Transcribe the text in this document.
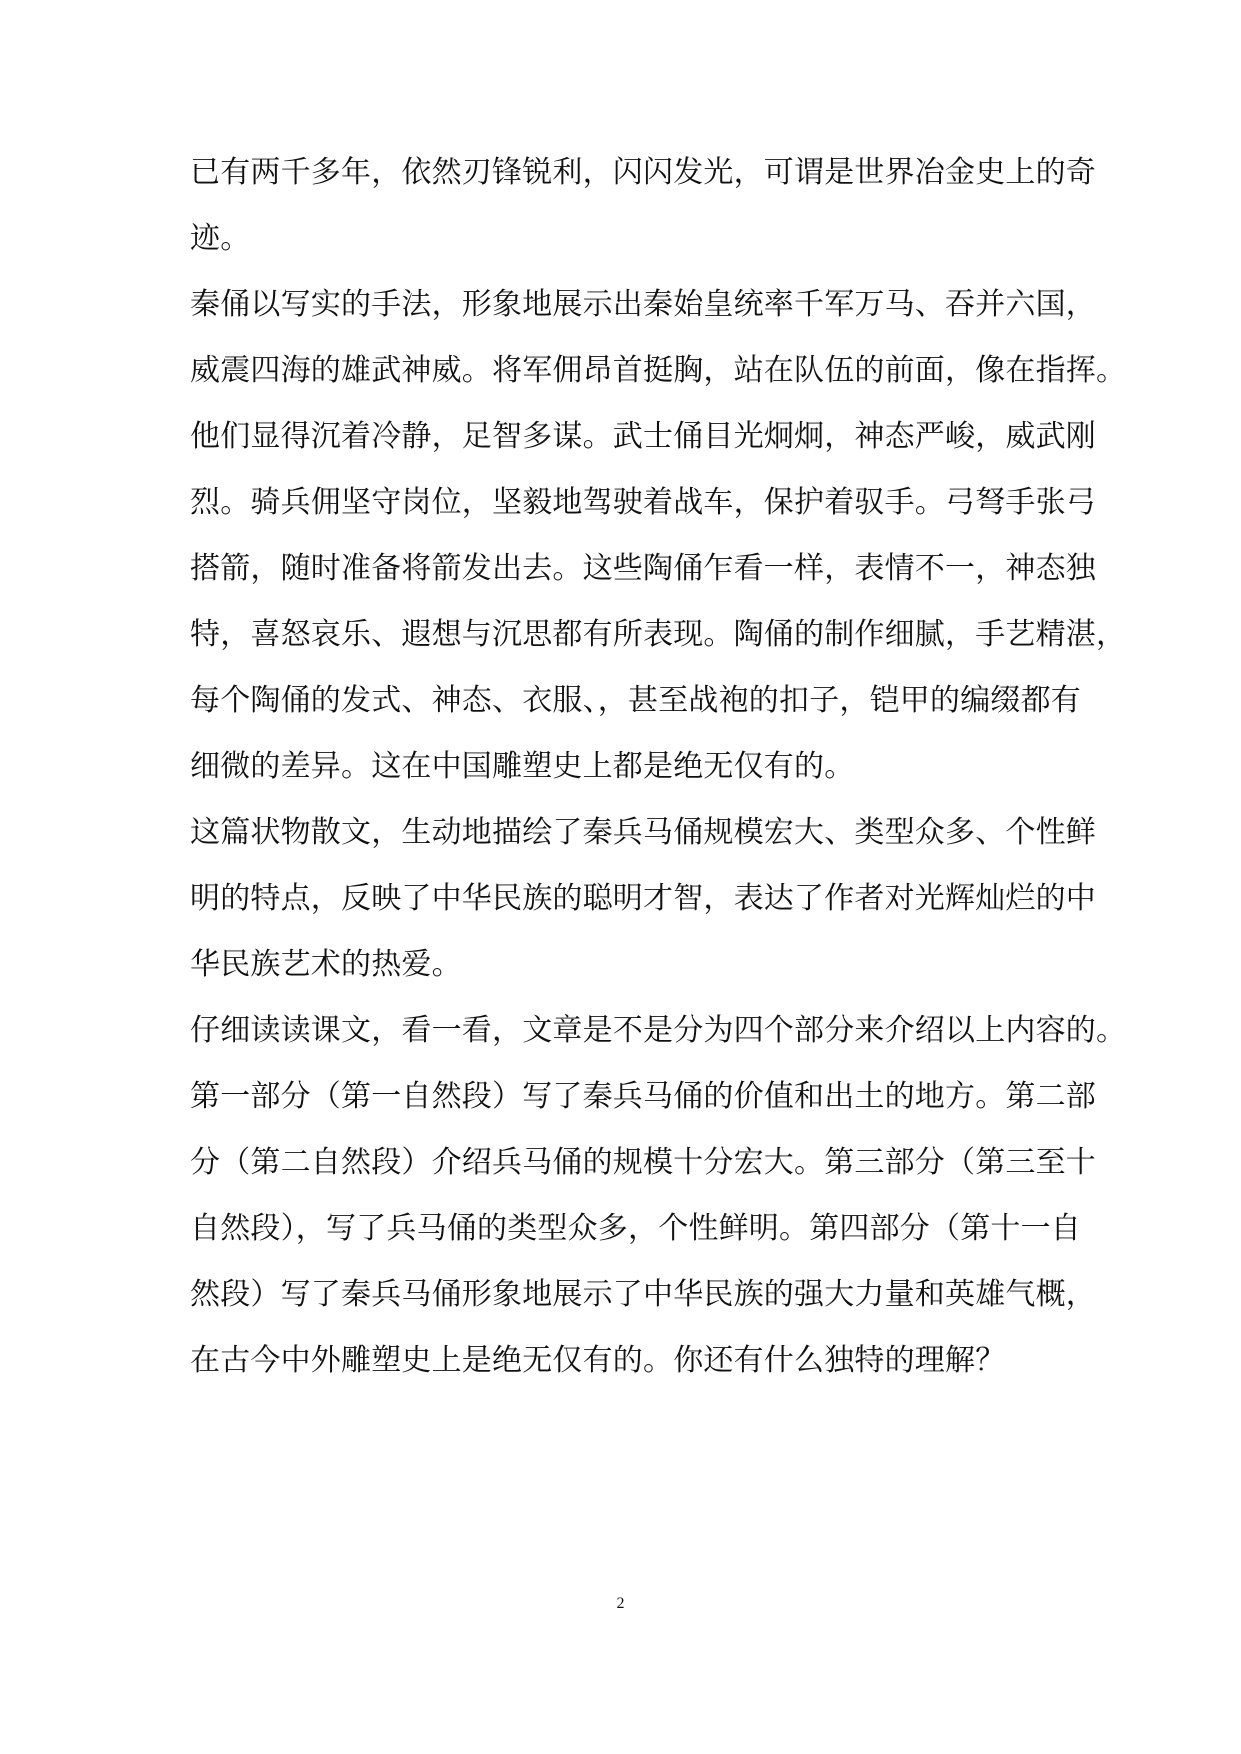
已有两千多年，依然刃锋锐利，闪闪发光，可谓是世界冶金史上的奇
迹。
秦俑以写实的手法，形象地展示出秦始皇统率千军万马、吞并六国，
威震四海的雄武神威。将军佣昂首挺胸，站在队伍的前面，像在指挥。
他们显得沉着冷静，足智多谋。武士俑目光炯炯，神态严峻，威武刚
烈。骑兵佣坚守岗位，坚毅地驾驶着战车，保护着驭手。弓弩手张弓
搭箭，随时准备将箭发出去。这些陶俑乍看一样，表情不一，神态独
特，喜怒哀乐、遐想与沉思都有所表现。陶俑的制作细腻，手艺精湛，
每个陶俑的发式、神态、衣服、，甚至战袍的扣子，铠甲的编缀都有
细微的差异。这在中国雕塑史上都是绝无仅有的。
这篇状物散文，生动地描绘了秦兵马俑规模宏大、类型众多、个性鲜
明的特点，反映了中华民族的聪明才智，表达了作者对光辉灿烂的中
华民族艺术的热爱。
仔细读读课文，看一看，文章是不是分为四个部分来介绍以上内容的。
第一部分（第一自然段）写了秦兵马俑的价值和出土的地方。第二部
分（第二自然段）介绍兵马俑的规模十分宏大。第三部分（第三至十
自然段），写了兵马俑的类型众多，个性鲜明。第四部分（第十一自
然段）写了秦兵马俑形象地展示了中华民族的强大力量和英雄气概，
在古今中外雕塑史上是绝无仅有的。你还有什么独特的理解？
2
